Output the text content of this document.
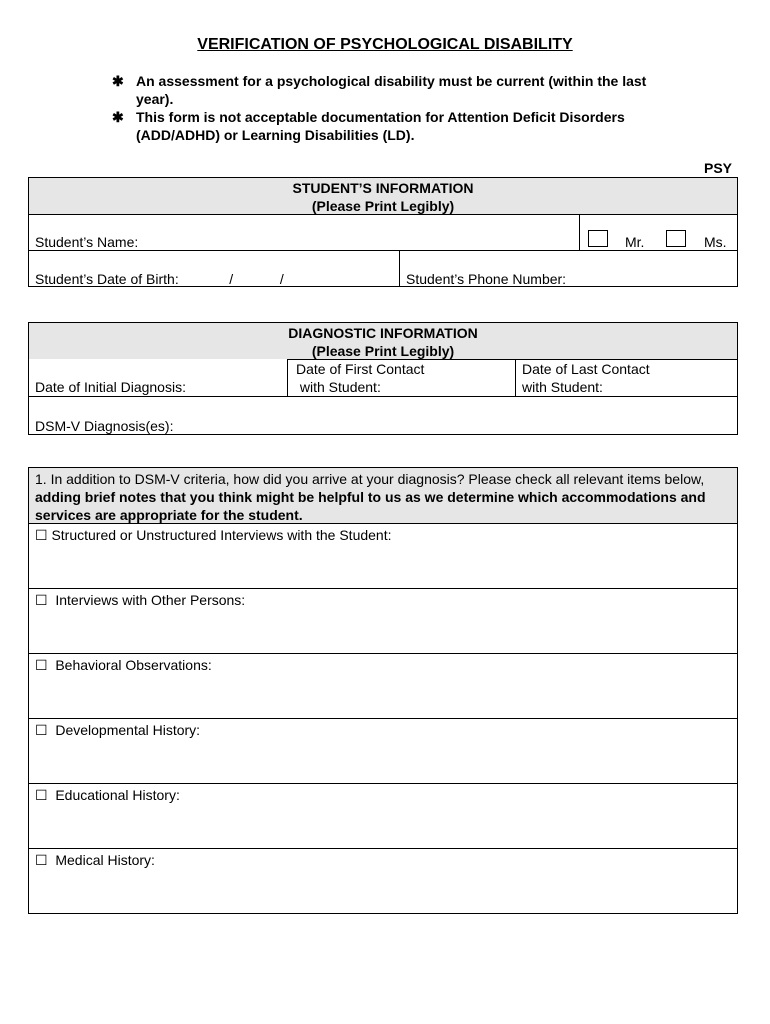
VERIFICATION OF PSYCHOLOGICAL DISABILITY
✱ An assessment for a psychological disability must be current (within the last year).
✱ This form is not acceptable documentation for Attention Deficit Disorders (ADD/ADHD) or Learning Disabilities (LD).
PSY
STUDENT’S INFORMATION
(Please Print Legibly)
Student’s Name:	Mr.	Ms.
Student’s Date of Birth:  _____ / _____ / _____	Student’s Phone Number:
DIAGNOSTIC INFORMATION
(Please Print Legibly)
Date of Initial Diagnosis:
Date of First Contact
with Student:
Date of Last Contact
with Student:
DSM-V Diagnosis(es):
1. In addition to DSM-V criteria, how did you arrive at your diagnosis? Please check all relevant items below, adding brief notes that you think might be helpful to us as we determine which accommodations and services are appropriate for the student.
☐ Structured or Unstructured Interviews with the Student:
☐  Interviews with Other Persons:
☐  Behavioral Observations:
☐  Developmental History:
☐  Educational History:
☐  Medical History:
